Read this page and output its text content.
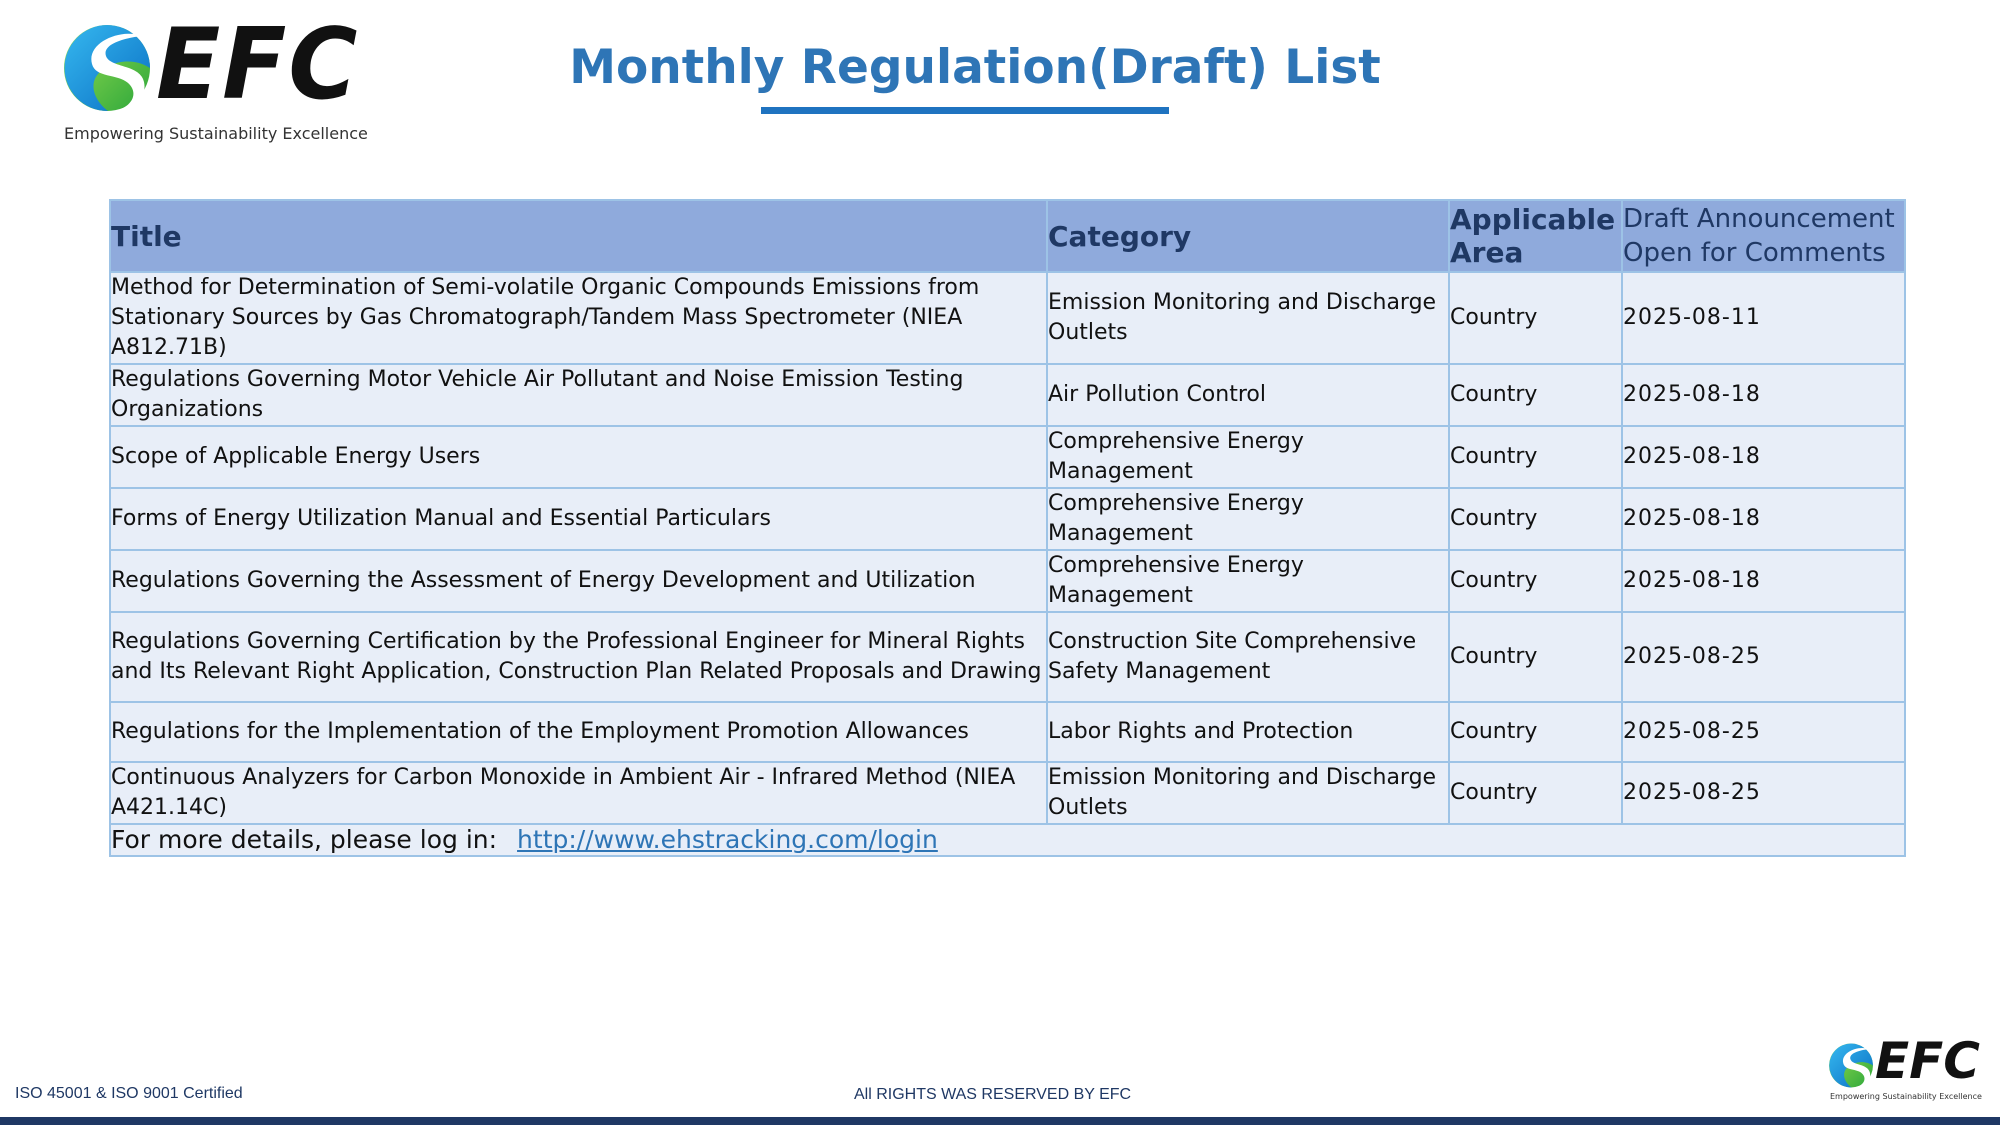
EFC
Empowering Sustainability Excellence
Monthly Regulation(Draft) List
Title	Category	Applicable Area	Draft Announcement Open for Comments
Method for Determination of Semi-volatile Organic Compounds Emissions from Stationary Sources by Gas Chromatograph/Tandem Mass Spectrometer (NIEA A812.71B)	Emission Monitoring and Discharge Outlets	Country	2025-08-11
Regulations Governing Motor Vehicle Air Pollutant and Noise Emission Testing Organizations	Air Pollution Control	Country	2025-08-18
Scope of Applicable Energy Users	Comprehensive Energy Management	Country	2025-08-18
Forms of Energy Utilization Manual and Essential Particulars	Comprehensive Energy Management	Country	2025-08-18
Regulations Governing the Assessment of Energy Development and Utilization	Comprehensive Energy Management	Country	2025-08-18
Regulations Governing Certification by the Professional Engineer for Mineral Rights and Its Relevant Right Application, Construction Plan Related Proposals and Drawing	Construction Site Comprehensive Safety Management	Country	2025-08-25
Regulations for the Implementation of the Employment Promotion Allowances	Labor Rights and Protection	Country	2025-08-25
Continuous Analyzers for Carbon Monoxide in Ambient Air - Infrared Method (NIEA A421.14C)	Emission Monitoring and Discharge Outlets	Country	2025-08-25
For more details, please log in: http://www.ehstracking.com/login			
ISO 45001 & ISO 9001 Certified	All RIGHTS WAS RESERVED BY EFC
EFC
Empowering Sustainability Excellence
